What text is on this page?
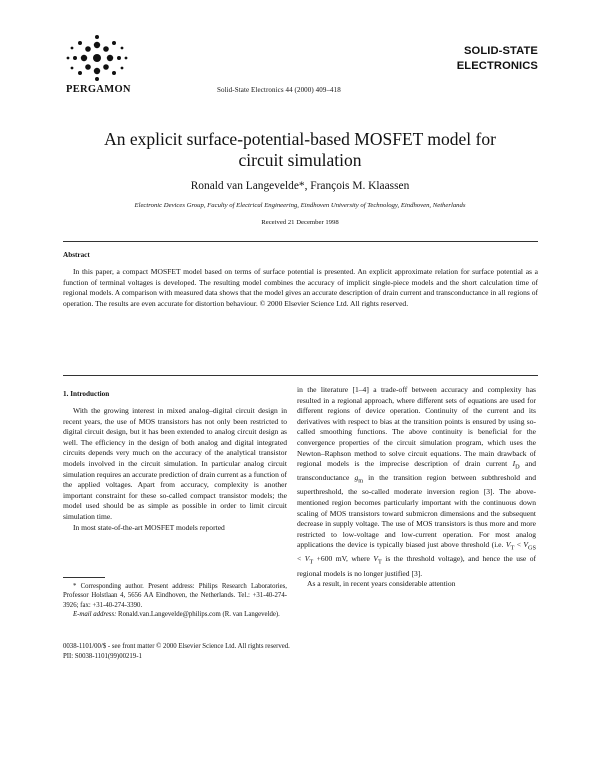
PERGAMON	Solid-State Electronics 44 (2000) 409–418
SOLID-STATE
ELECTRONICS
An explicit surface-potential-based MOSFET model for
circuit simulation
Ronald van Langevelde*, François M. Klaassen
Electronic Devices Group, Faculty of Electrical Engineering, Eindhoven University of Technology, Eindhoven, Netherlands
Received 21 December 1998
Abstract

In this paper, a compact MOSFET model based on terms of surface potential is presented. An explicit approximate relation for surface potential as a function of terminal voltages is developed. The resulting model combines the accuracy of implicit single-piece models and the short calculation time of regional models. A comparison with measured data shows that the model gives an accurate description of drain current and transconductance in all regions of operation. The results are even accurate for distortion behaviour. © 2000 Elsevier Science Ltd. All rights reserved.

1. Introduction

With the growing interest in mixed analog–digital circuit design in recent years, the use of MOS transistors has not only been restricted to digital circuit design, but it has been extended to analog circuit design as well. The efficiency in the design of both analog and digital integrated circuits depends very much on the accuracy of the analytical transistor models involved in the circuit simulation. In particular analog circuit simulation requires an accurate prediction of drain current as a function of the applied voltages. Apart from accuracy, complexity is another important constraint for these so-called compact transistor models; the model used should be as simple as possible in order to limit circuit simulation time.

In most state-of-the-art MOSFET models reported

in the literature [1–4] a trade-off between accuracy and complexity has resulted in a regional approach, where different sets of equations are used for different regions of device operation. Continuity of the current and its derivatives with respect to bias at the transition points is ensured by using so-called smoothing functions. The above continuity is beneficial for the convergence properties of the circuit simulation program, which uses the Newton–Raphson method to solve circuit equations. The main drawback of regional models is the imprecise description of drain current $I_D$ and transconductance $g_m$ in the transition region between subthreshold and superthreshold, the so-called moderate inversion region [3]. The above-mentioned region becomes particularly important with the continuous down scaling of MOS transistors toward submicron dimensions and the subsequent decrease in supply voltage. The use of MOS transistors is thus more and more restricted to low-voltage and low-current operation. For most analog applications the device is typically biased just above threshold (i.e. $V_T < V_{GS} < V_T +600$ mV, where $V_T$ is the threshold voltage), and hence the use of regional models is no longer justified [3].

As a result, in recent years considerable attention

* Corresponding author. Present address: Philips Research Laboratories, Professor Holstlaan 4, 5656 AA Eindhoven, the Netherlands. Tel.: +31-40-274-3926; fax: +31-40-274-3390.

E-mail address: Ronald.van.Langevelde@philips.com (R. van Langevelde).

0038-1101/00/$ - see front matter © 2000 Elsevier Science Ltd. All rights reserved.
PII: S0038-1101(99)00219-1
